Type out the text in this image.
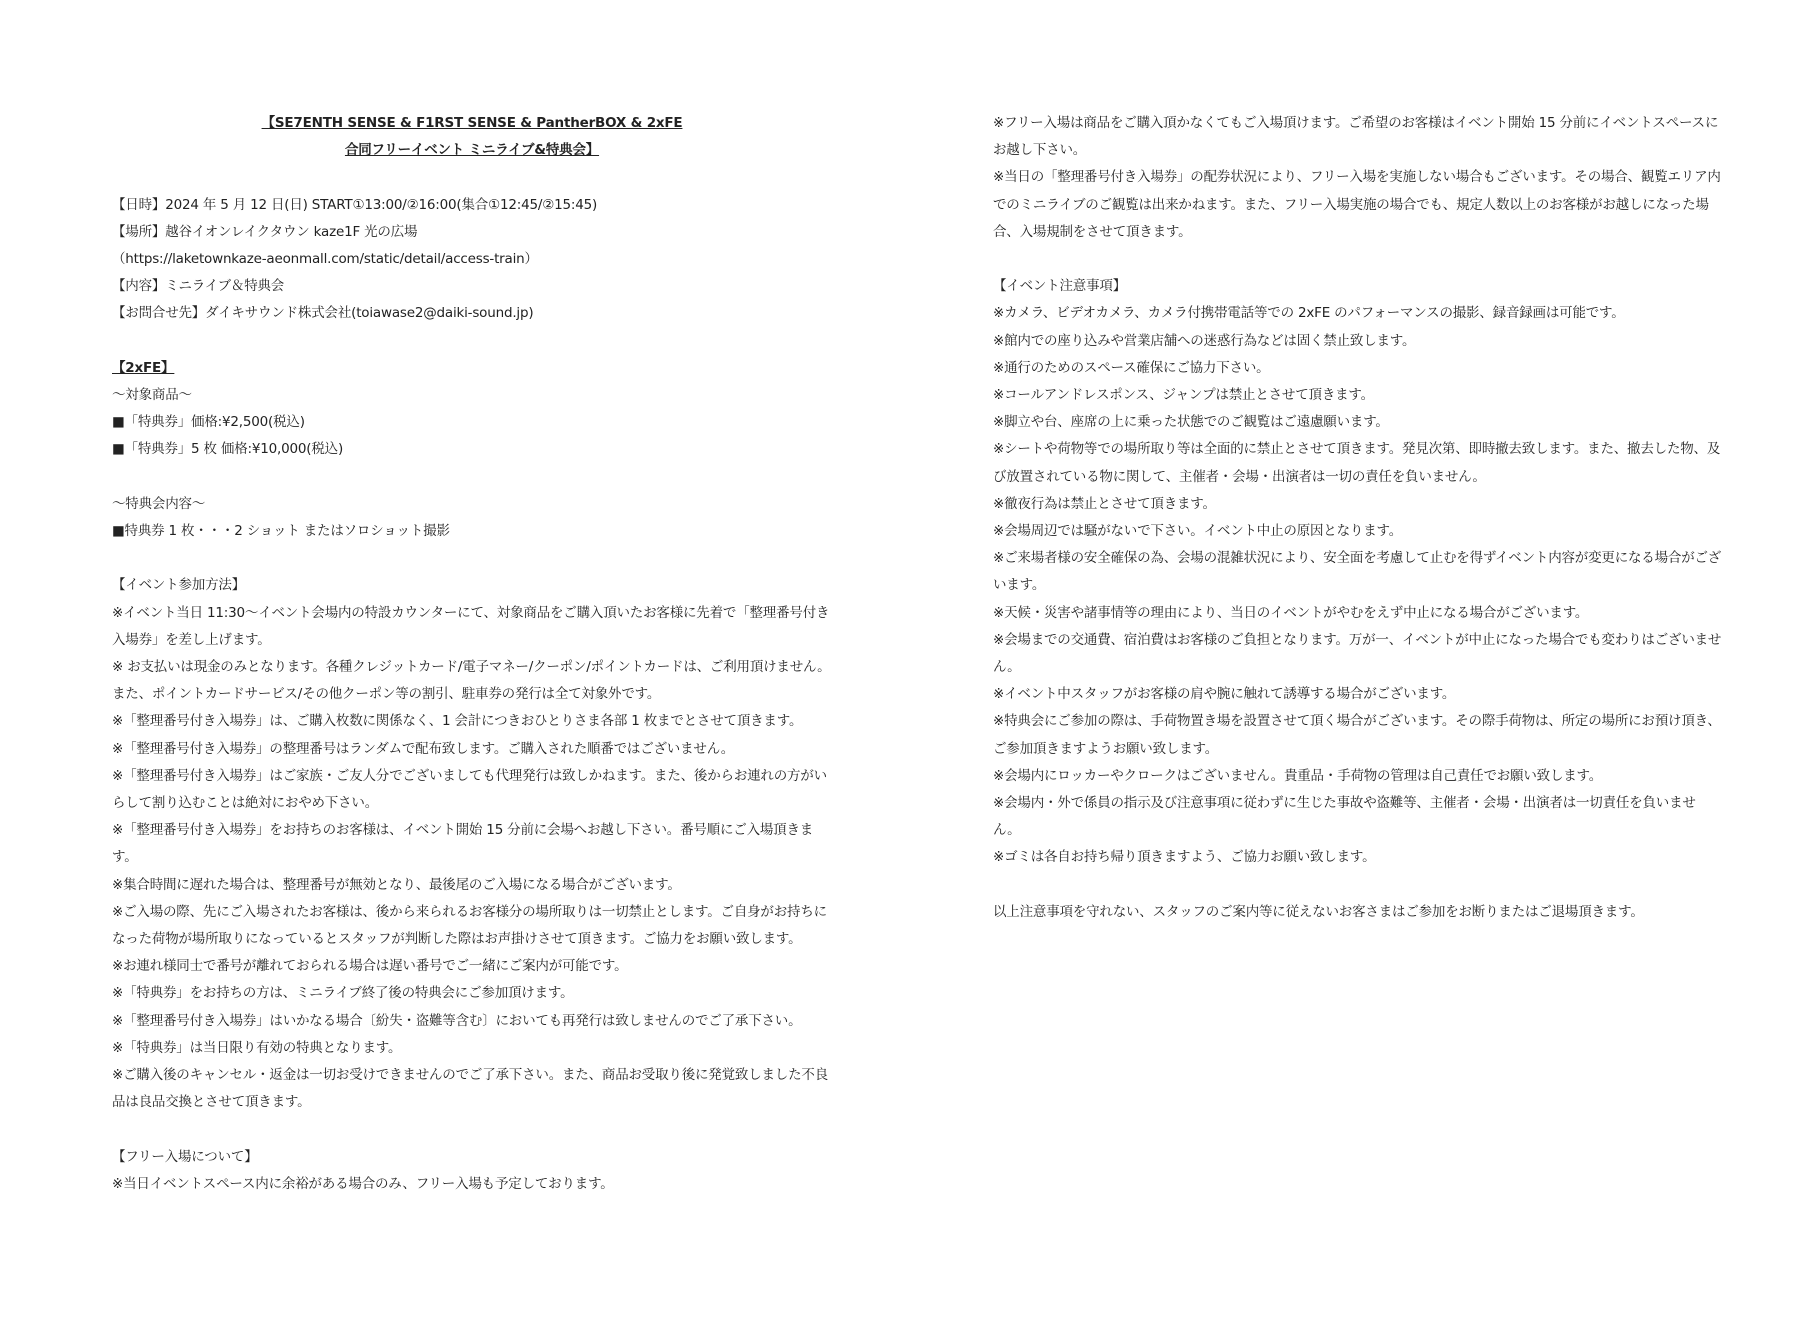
【SE7ENTH SENSE & F1RST SENSE & PantherBOX & 2xFE

合同フリーイベント ミニライブ&特典会】

【日時】2024 年 5 月 12 日(日) START①13:00/②16:00(集合①12:45/②15:45)

【場所】越谷イオンレイクタウン kaze1F 光の広場

（https://laketownkaze-aeonmall.com/static/detail/access-train）

【内容】ミニライブ＆特典会

【お問合せ先】ダイキサウンド株式会社(toiawase2@daiki-sound.jp)

【2xFE】

～対象商品～

■「特典券」価格:¥2,500(税込)

■「特典券」5 枚 価格:¥10,000(税込)

～特典会内容～

■特典券 1 枚・・・2 ショット またはソロショット撮影

【イベント参加方法】

※イベント当日 11:30～イベント会場内の特設カウンターにて、対象商品をご購入頂いたお客様に先着で「整理番号付き入場券」を差し上げます。

※ お支払いは現金のみとなります。各種クレジットカード/電子マネー/クーポン/ポイントカードは、ご利用頂けません。また、ポイントカードサービス/その他クーポン等の割引、駐車券の発行は全て対象外です。

※「整理番号付き入場券」は、ご購入枚数に関係なく、1 会計につきおひとりさま各部 1 枚までとさせて頂きます。

※「整理番号付き入場券」の整理番号はランダムで配布致します。ご購入された順番ではございません。

※「整理番号付き入場券」はご家族・ご友人分でございましても代理発行は致しかねます。また、後からお連れの方がいらして割り込むことは絶対におやめ下さい。

※「整理番号付き入場券」をお持ちのお客様は、イベント開始 15 分前に会場へお越し下さい。番号順にご入場頂きます。

※集合時間に遅れた場合は、整理番号が無効となり、最後尾のご入場になる場合がございます。

※ご入場の際、先にご入場されたお客様は、後から来られるお客様分の場所取りは一切禁止とします。ご自身がお持ちになった荷物が場所取りになっているとスタッフが判断した際はお声掛けさせて頂きます。ご協力をお願い致します。

※お連れ様同士で番号が離れておられる場合は遅い番号でご一緒にご案内が可能です。

※「特典券」をお持ちの方は、ミニライブ終了後の特典会にご参加頂けます。

※「整理番号付き入場券」はいかなる場合〔紛失・盗難等含む〕においても再発行は致しませんのでご了承下さい。

※「特典券」は当日限り有効の特典となります。

※ご購入後のキャンセル・返金は一切お受けできませんのでご了承下さい。また、商品お受取り後に発覚致しました不良品は良品交換とさせて頂きます。

【フリー入場について】

※当日イベントスペース内に余裕がある場合のみ、フリー入場も予定しております。

※フリー入場は商品をご購入頂かなくてもご入場頂けます。ご希望のお客様はイベント開始 15 分前にイベントスペースにお越し下さい。

※当日の「整理番号付き入場券」の配券状況により、フリー入場を実施しない場合もございます。その場合、観覧エリア内でのミニライブのご観覧は出来かねます。また、フリー入場実施の場合でも、規定人数以上のお客様がお越しになった場合、入場規制をさせて頂きます。

【イベント注意事項】

※カメラ、ビデオカメラ、カメラ付携帯電話等での 2xFE のパフォーマンスの撮影、録音録画は可能です。

※館内での座り込みや営業店舗への迷惑行為などは固く禁止致します。

※通行のためのスペース確保にご協力下さい。

※コールアンドレスポンス、ジャンプは禁止とさせて頂きます。

※脚立や台、座席の上に乗った状態でのご観覧はご遠慮願います。

※シートや荷物等での場所取り等は全面的に禁止とさせて頂きます。発見次第、即時撤去致します。また、撤去した物、及び放置されている物に関して、主催者・会場・出演者は一切の責任を負いません。

※徹夜行為は禁止とさせて頂きます。

※会場周辺では騒がないで下さい。イベント中止の原因となります。

※ご来場者様の安全確保の為、会場の混雑状況により、安全面を考慮して止むを得ずイベント内容が変更になる場合がございます。

※天候・災害や諸事情等の理由により、当日のイベントがやむをえず中止になる場合がございます。

※会場までの交通費、宿泊費はお客様のご負担となります。万が一、イベントが中止になった場合でも変わりはございません。

※イベント中スタッフがお客様の肩や腕に触れて誘導する場合がございます。

※特典会にご参加の際は、手荷物置き場を設置させて頂く場合がございます。その際手荷物は、所定の場所にお預け頂き、ご参加頂きますようお願い致します。

※会場内にロッカーやクロークはございません。貴重品・手荷物の管理は自己責任でお願い致します。

※会場内・外で係員の指示及び注意事項に従わずに生じた事故や盗難等、主催者・会場・出演者は一切責任を負いません。

※ゴミは各自お持ち帰り頂きますよう、ご協力お願い致します。

以上注意事項を守れない、スタッフのご案内等に従えないお客さまはご参加をお断りまたはご退場頂きます。
